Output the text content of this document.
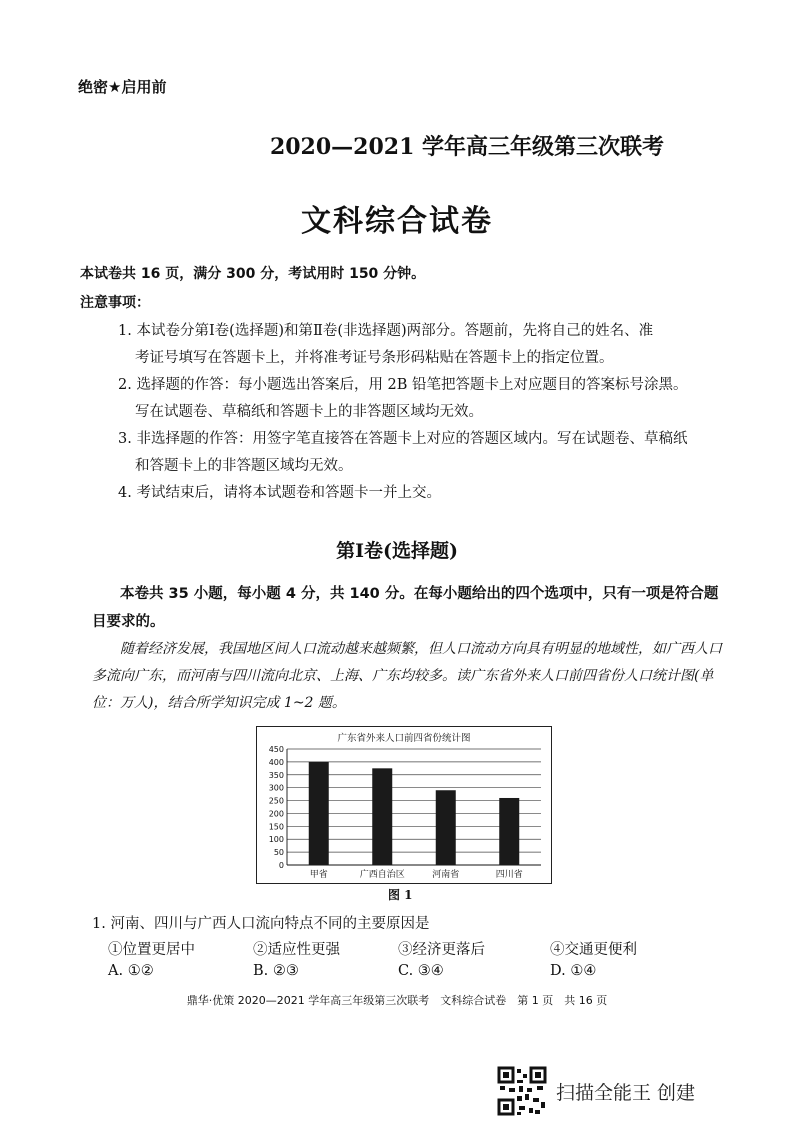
绝密★启用前
2020—2021 学年高三年级第三次联考
文科综合试卷
本试卷共 16 页，满分 300 分，考试用时 150 分钟。
注意事项：
1. 本试卷分第Ⅰ卷(选择题)和第Ⅱ卷(非选择题)两部分。答题前，先将自己的姓名、准
考证号填写在答题卡上，并将准考证号条形码粘贴在答题卡上的指定位置。
2. 选择题的作答：每小题选出答案后，用 2B 铅笔把答题卡上对应题目的答案标号涂黑。
写在试题卷、草稿纸和答题卡上的非答题区域均无效。
3. 非选择题的作答：用签字笔直接答在答题卡上对应的答题区域内。写在试题卷、草稿纸
和答题卡上的非答题区域均无效。
4. 考试结束后，请将本试题卷和答题卡一并上交。
第Ⅰ卷(选择题)
本卷共 35 小题，每小题 4 分，共 140 分。在每小题给出的四个选项中，只有一项是符合题目要求的。
随着经济发展，我国地区间人口流动越来越频繁，但人口流动方向具有明显的地域性，如广西人口多流向广东，而河南与四川流向北京、上海、广东均较多。读广东省外来人口前四省份人口统计图(单位：万人)，结合所学知识完成 1~2 题。
广东省外来人口前四省份统计图
0
50
100
150
200
250
300
350
400
450
甲省	广西自治区	河南省	四川省
图 1
1. 河南、四川与广西人口流向特点不同的主要原因是
①位置更居中	②适应性更强	③经济更落后	④交通更便利
A. ①②	B. ②③	C. ③④	D. ①④
鼎华·优策 2020—2021 学年高三年级第三次联考　文科综合试卷　第 1 页　共 16 页
扫描全能王 创建
